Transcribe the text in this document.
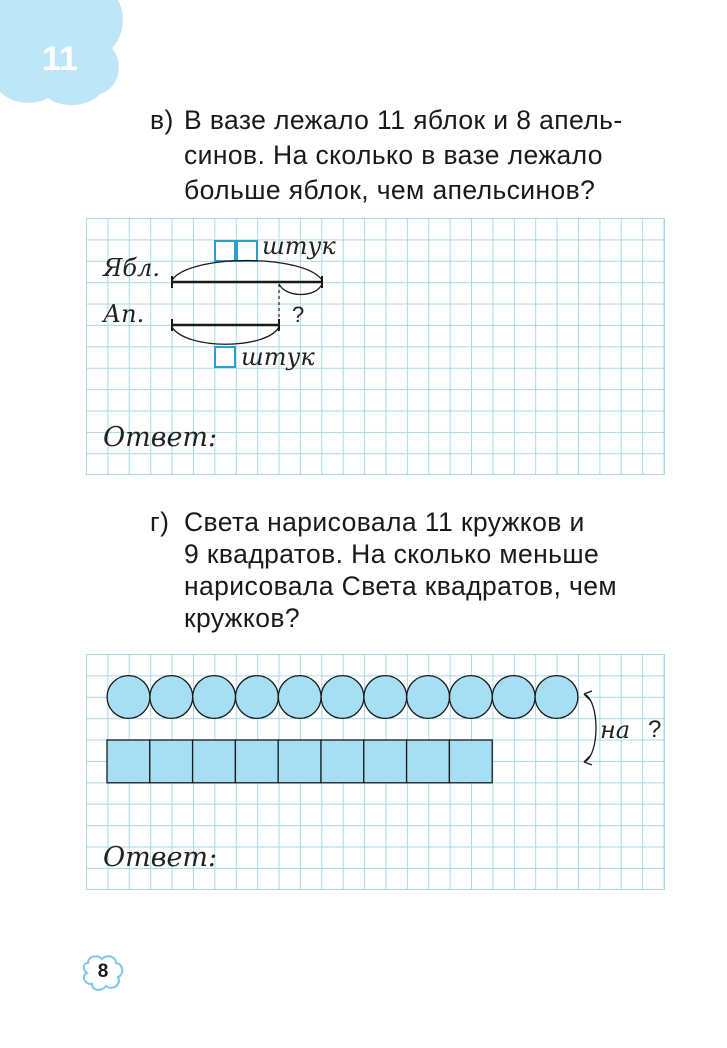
11
в) В вазе лежало 11 яблок и 8 апель-
синов. На сколько в вазе лежало
больше яблок, чем апельсинов?
Ябл.
Ап.
штук
штук
?
Ответ:
г) Света нарисовала 11 кружков и
9 квадратов. На сколько меньше
нарисовала Света квадратов, чем
кружков?
на ?
Ответ:
8
